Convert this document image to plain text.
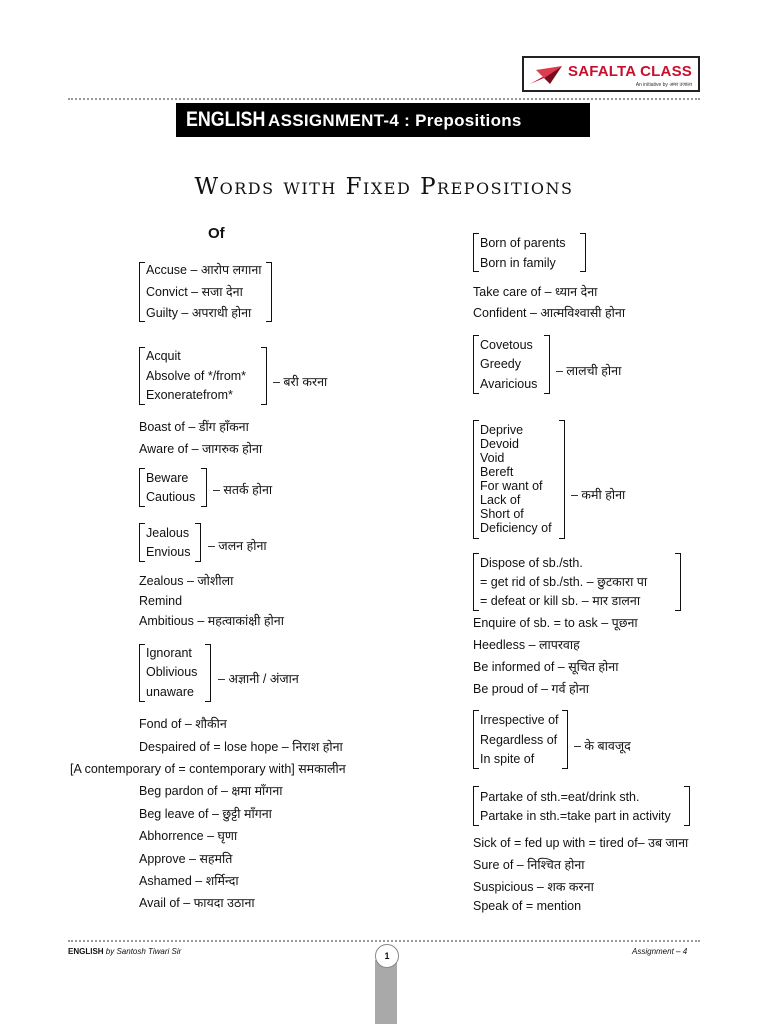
SAFALTA CLASS
An initiative by अमर उजाला
ENGLISH ASSIGNMENT-4 : Prepositions
Words with Fixed Prepositions
Of
Accuse – आरोप लगाना
Convict – सजा देना
Guilty – अपराधी होना
Acquit
Absolve of */from*
Exoneratefrom*
– बरी करना
Boast of – डींग हाँकना
Aware of – जागरुक होना
Beware
Cautious – सतर्क होना
Jealous
Envious – जलन होना
Zealous – जोशीला
Remind
Ambitious – महत्वाकांक्षी होना
Ignorant
Oblivious
unaware
– अज्ञानी / अंजान
Fond of – शौकीन
Despaired of = lose hope – निराश होना
[A contemporary of = contemporary with] समकालीन
Beg pardon of – क्षमा माँगना
Beg leave of – छुट्टी माँगना
Abhorrence – घृणा
Approve – सहमति
Ashamed – शर्मिन्दा
Avail of – फायदा उठाना
Born of parents
Born in family
Take care of – ध्यान देना
Confident – आत्मविश्वासी होना
Covetous
Greedy
Avaricious
– लालची होना
Deprive
Devoid
Void
Bereft
For want of
Lack of
Short of
Deficiency of
– कमी होना
Dispose of sb./sth.
= get rid of sb./sth. – छुटकारा पा
= defeat or kill sb. – मार डालना
Enquire of sb. = to ask – पूछना
Heedless – लापरवाह
Be informed of – सूचित होना
Be proud of – गर्व होना
Irrespective of
Regardless of
In spite of
– के बावजूद
Partake of sth.=eat/drink sth.
Partake in sth.=take part in activity
Sick of = fed up with = tired of– उब जाना
Sure of – निश्चित होना
Suspicious – शक करना
Speak of = mention
ENGLISH by Santosh Tiwari Sir	1	Assignment – 4
